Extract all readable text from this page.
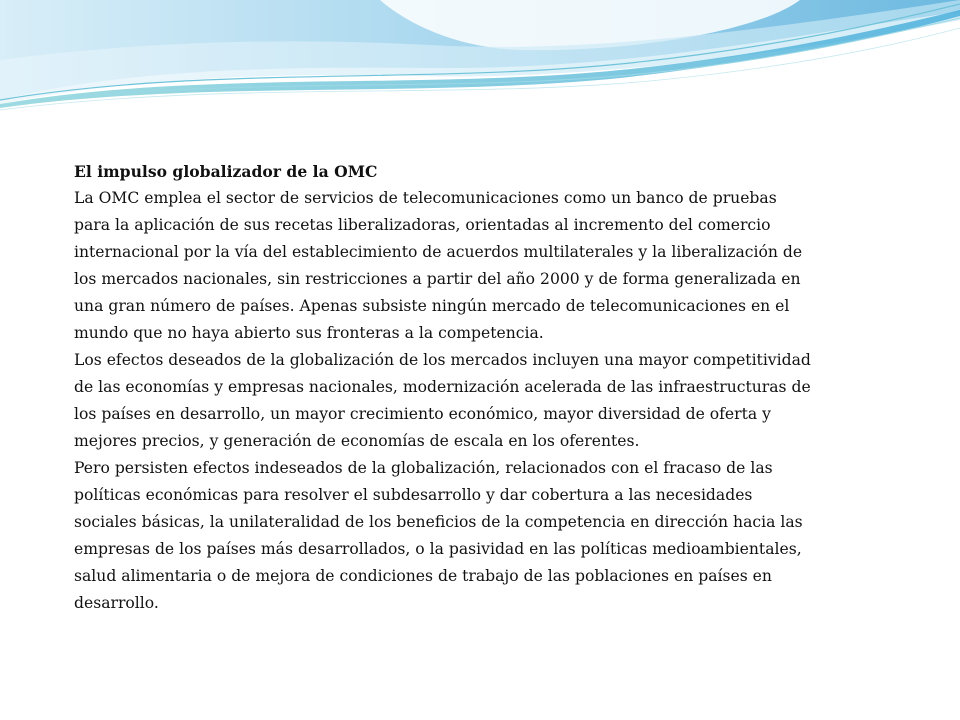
El impulso globalizador de la OMC

La OMC emplea el sector de servicios de telecomunicaciones como un banco de pruebas para la aplicación de sus recetas liberalizadoras, orientadas al incremento del comercio internacional por la vía del establecimiento de acuerdos multilaterales y la liberalización de los mercados nacionales, sin restricciones a partir del año 2000 y de forma generalizada en una gran número de países. Apenas subsiste ningún mercado de telecomunicaciones en el mundo que no haya abierto sus fronteras a la competencia.

Los efectos deseados de la globalización de los mercados incluyen una mayor competitividad de las economías y empresas nacionales, modernización acelerada de las infraestructuras de los países en desarrollo, un mayor crecimiento económico, mayor diversidad de oferta y mejores precios, y generación de economías de escala en los oferentes.

Pero persisten efectos indeseados de la globalización, relacionados con el fracaso de las políticas económicas para resolver el subdesarrollo y dar cobertura a las necesidades sociales básicas, la unilateralidad de los beneficios de la competencia en dirección hacia las empresas de los países más desarrollados, o la pasividad en las políticas medioambientales, salud alimentaria o de mejora de condiciones de trabajo de las poblaciones en países en desarrollo.
